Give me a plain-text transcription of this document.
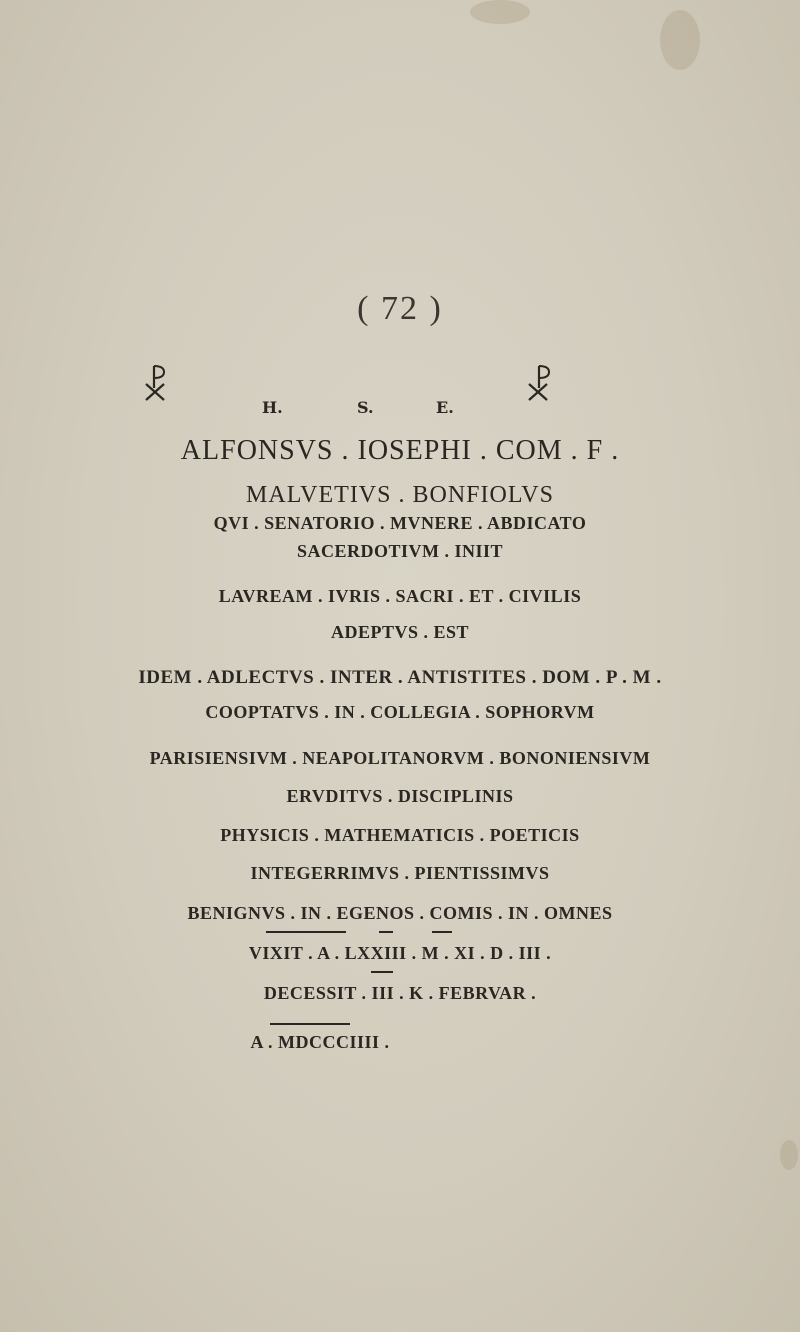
( 72 )
H.	S.	E.
ALFONSVS . IOSEPHI . COM . F .
MALVETIVS . BONFIOLVS
QVI . SENATORIO . MVNERE . ABDICATO
SACERDOTIVM . INIIT
LAVREAM . IVRIS . SACRI . ET . CIVILIS
ADEPTVS . EST
IDEM . ADLECTVS . INTER . ANTISTITES . DOM . P . M .
COOPTATVS . IN . COLLEGIA . SOPHORVM
PARISIENSIVM . NEAPOLITANORVM . BONONIENSIVM
ERVDITVS . DISCIPLINIS
PHYSICIS . MATHEMATICIS . POETICIS
INTEGERRIMVS . PIENTISSIMVS
BENIGNVS . IN . EGENOS . COMIS . IN . OMNES
VIXIT . A . LXXIII . M . XI . D . III .
DECESSIT . III . K . FEBRVAR .
A . MDCCCIIII .
